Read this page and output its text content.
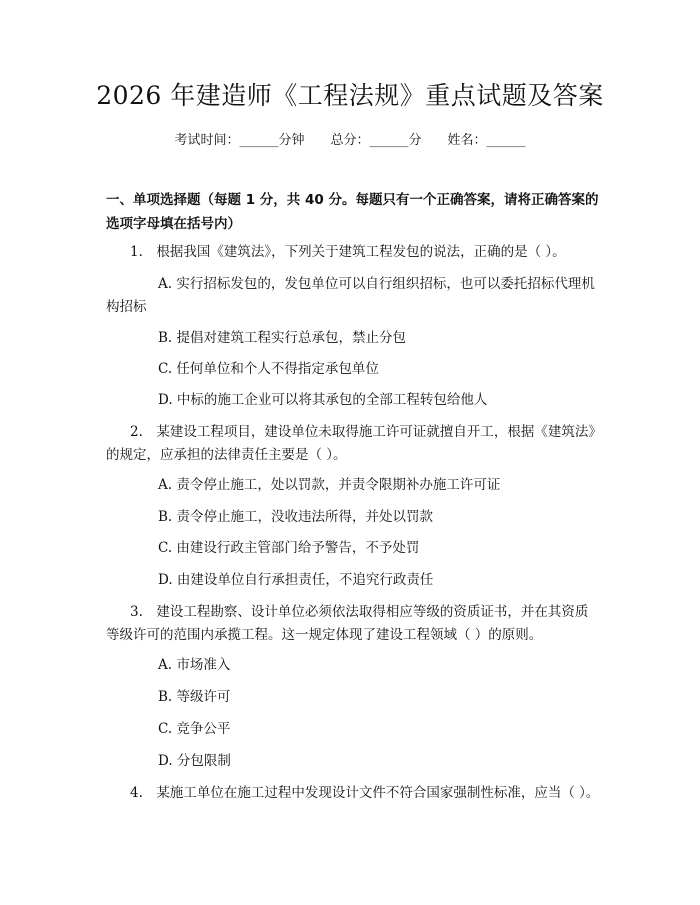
2026 年建造师《工程法规》重点试题及答案
考试时间：______分钟 总分：______分 姓名：______
一、单项选择题（每题 1 分，共 40 分。每题只有一个正确答案，请将正确答案的选项字母填在括号内）
1.　根据我国《建筑法》，下列关于建筑工程发包的说法，正确的是（ ）。
A. 实行招标发包的，发包单位可以自行组织招标，也可以委托招标代理机构招标
B. 提倡对建筑工程实行总承包，禁止分包
C. 任何单位和个人不得指定承包单位
D. 中标的施工企业可以将其承包的全部工程转包给他人
2.　某建设工程项目，建设单位未取得施工许可证就擅自开工，根据《建筑法》的规定，应承担的法律责任主要是（ ）。
A. 责令停止施工，处以罚款，并责令限期补办施工许可证
B. 责令停止施工，没收违法所得，并处以罚款
C. 由建设行政主管部门给予警告，不予处罚
D. 由建设单位自行承担责任，不追究行政责任
3.　建设工程勘察、设计单位必须依法取得相应等级的资质证书，并在其资质等级许可的范围内承揽工程。这一规定体现了建设工程领域（ ）的原则。
A. 市场准入
B. 等级许可
C. 竞争公平
D. 分包限制
4.　某施工单位在施工过程中发现设计文件不符合国家强制性标准，应当（ ）。
